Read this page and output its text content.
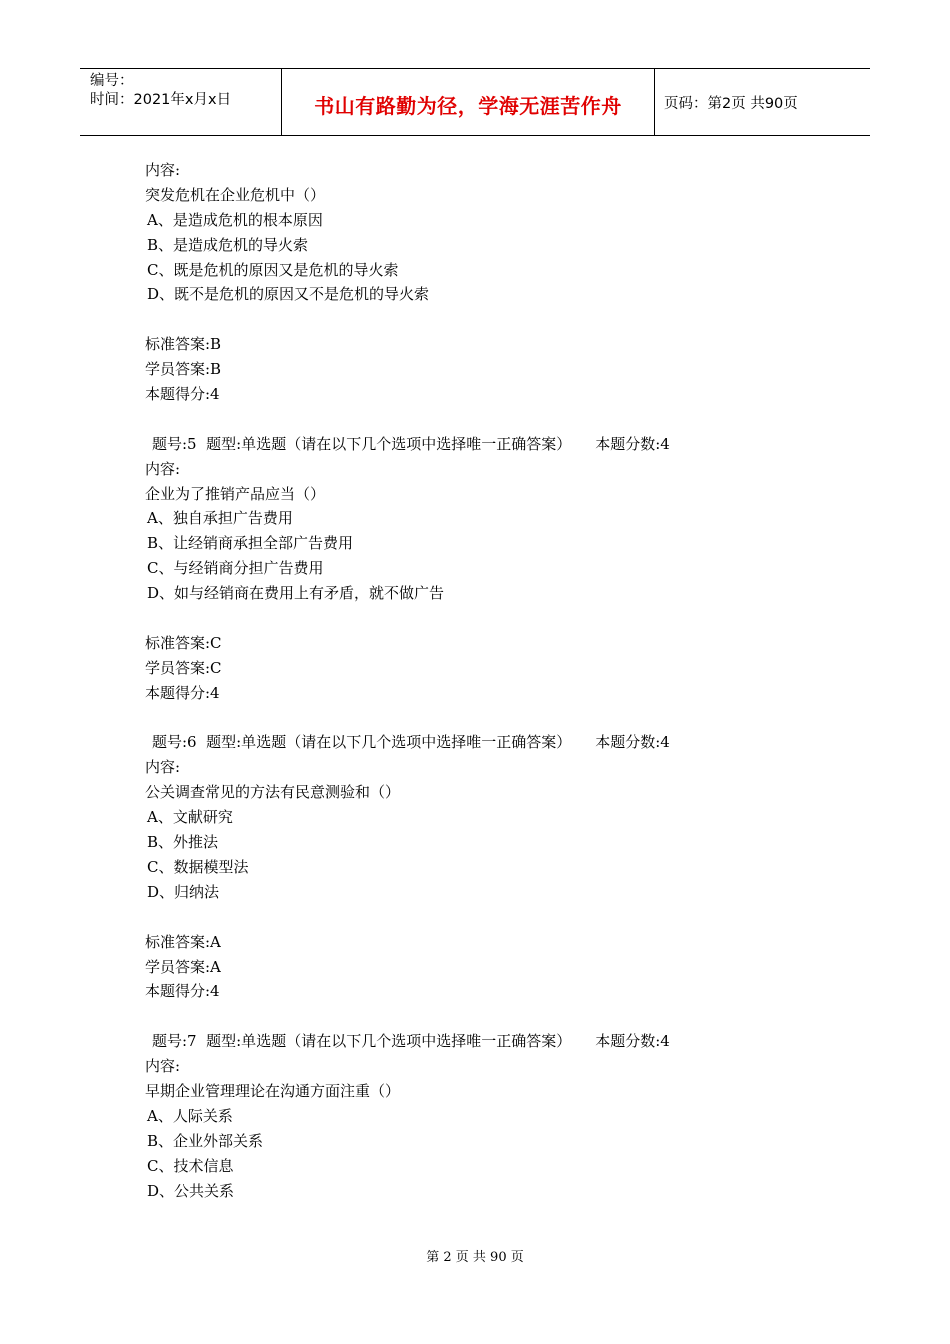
编号：
时间：2021年x月x日	书山有路勤为径，学海无涯苦作舟	页码：第2页 共90页
内容:
突发危机在企业危机中（）
A、是造成危机的根本原因
B、是造成危机的导火索
C、既是危机的原因又是危机的导火索
D、既不是危机的原因又不是危机的导火索
标准答案:B
学员答案:B
本题得分:4
题号:5  题型:单选题（请在以下几个选项中选择唯一正确答案） 本题分数:4
内容:
企业为了推销产品应当（）
A、独自承担广告费用
B、让经销商承担全部广告费用
C、与经销商分担广告费用
D、如与经销商在费用上有矛盾，就不做广告
标准答案:C
学员答案:C
本题得分:4
题号:6  题型:单选题（请在以下几个选项中选择唯一正确答案） 本题分数:4
内容:
公关调查常见的方法有民意测验和（）
A、文献研究
B、外推法
C、数据模型法
D、归纳法
标准答案:A
学员答案:A
本题得分:4
题号:7  题型:单选题（请在以下几个选项中选择唯一正确答案） 本题分数:4
内容:
早期企业管理理论在沟通方面注重（）
A、人际关系
B、企业外部关系
C、技术信息
D、公共关系
第 2 页 共 90 页
